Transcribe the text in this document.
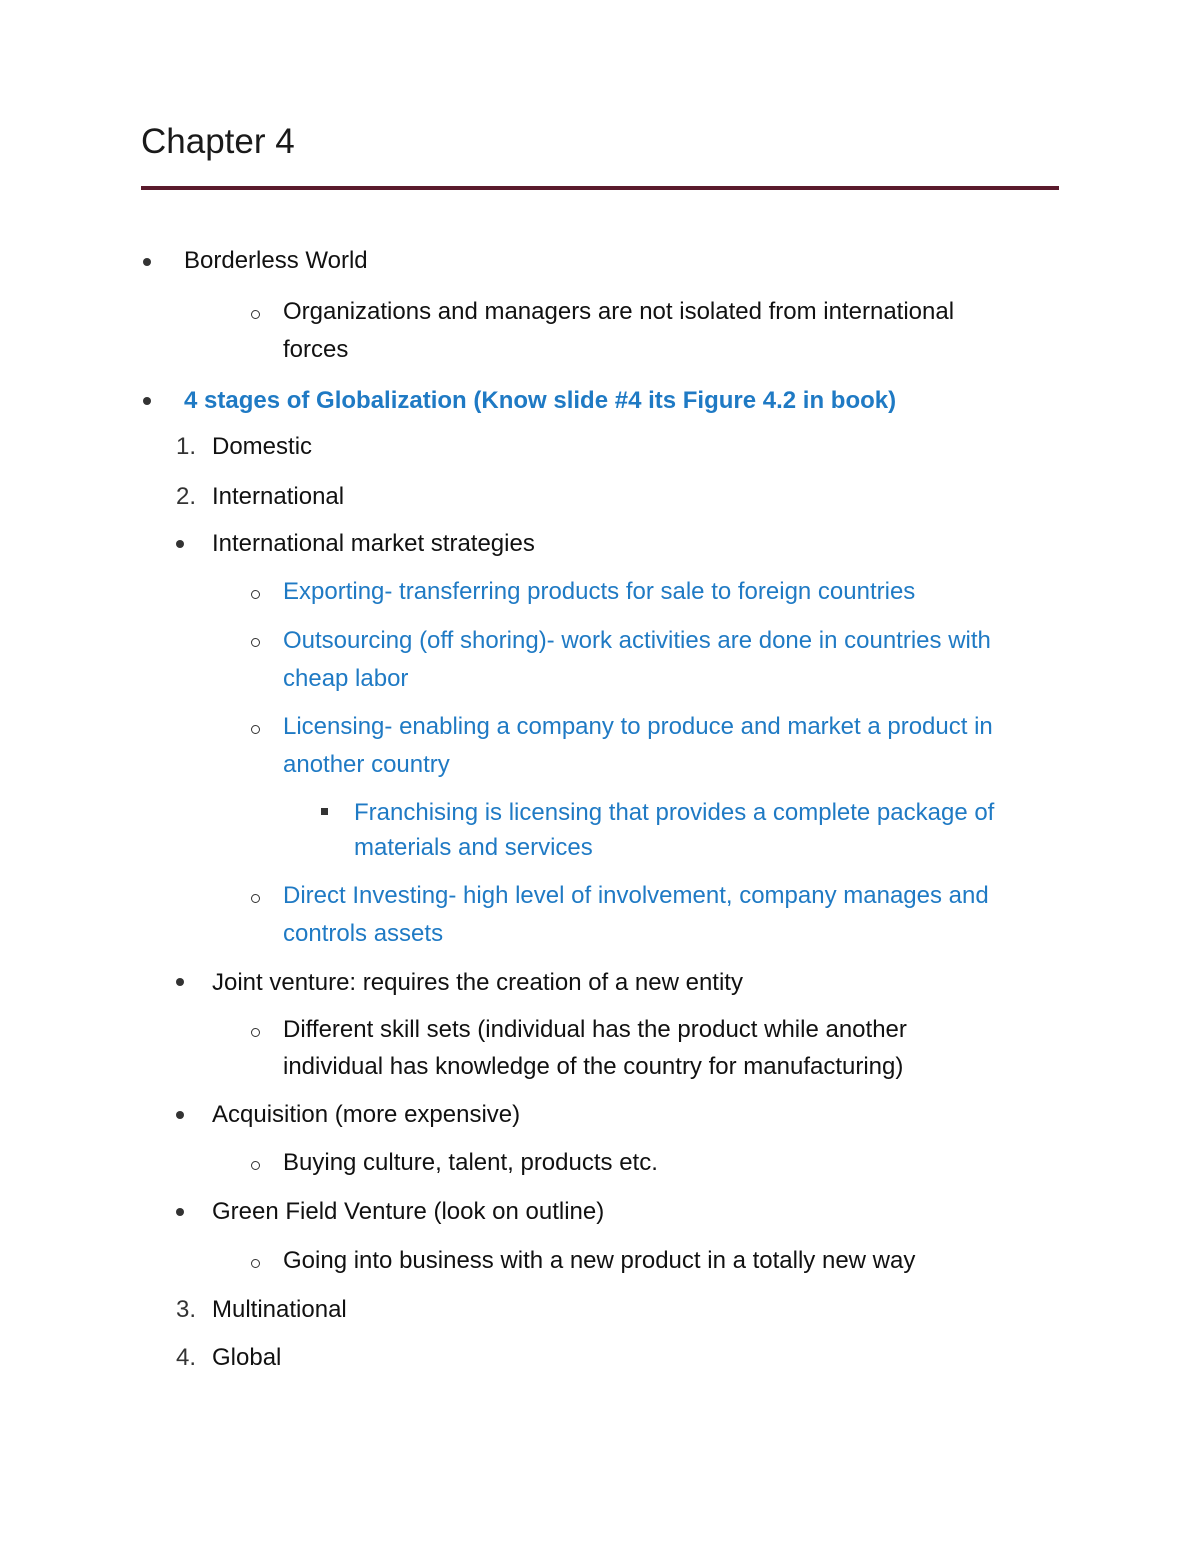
Chapter 4
Borderless World
Organizations and managers are not isolated from international
forces
4 stages of Globalization (Know slide #4 its Figure 4.2 in book)
1. Domestic
2. International
International market strategies
Exporting- transferring products for sale to foreign countries
Outsourcing (off shoring)- work activities are done in countries with
cheap labor
Licensing- enabling a company to produce and market a product in
another country
Franchising is licensing that provides a complete package of
materials and services
Direct Investing- high level of involvement, company manages and
controls assets
Joint venture: requires the creation of a new entity
Different skill sets (individual has the product while another
individual has knowledge of the country for manufacturing)
Acquisition (more expensive)
Buying culture, talent, products etc.
Green Field Venture (look on outline)
Going into business with a new product in a totally new way
3. Multinational
4. Global
